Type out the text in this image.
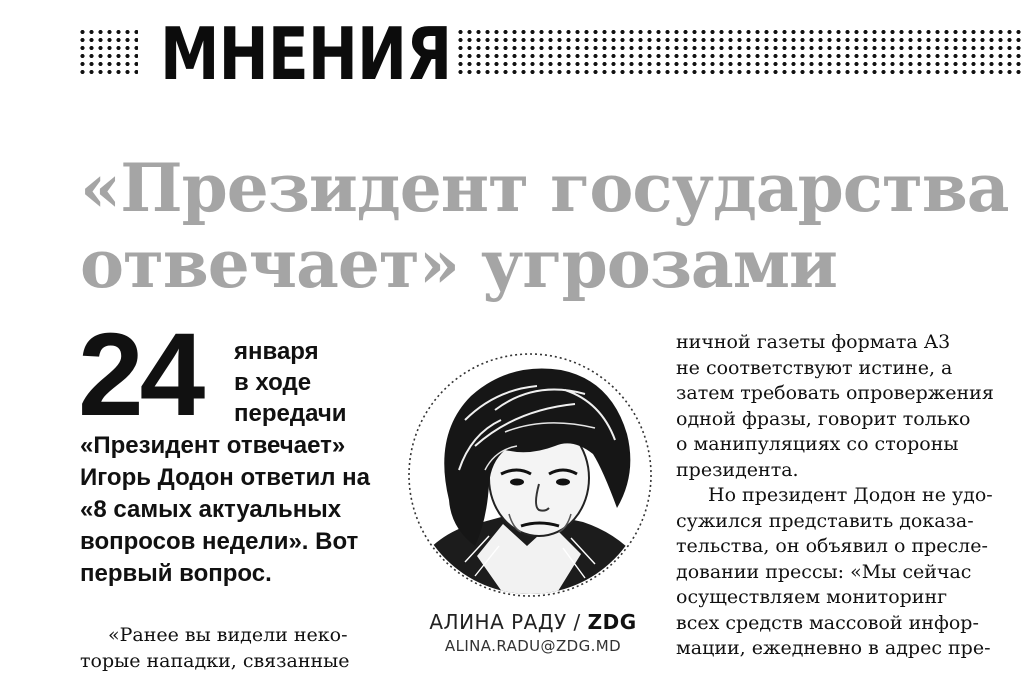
МНЕНИЯ
«Президент государства
отвечает» угрозами
24 января
в ходе
передачи
«Президент отвечает»
Игорь Додон ответил на
«8 самых актуальных
вопросов недели». Вот
первый вопрос.
«Ранее вы видели неко-
торые нападки, связанные
АЛИНА РАДУ / ZDG
ALINA.RADU@ZDG.MD
ничной газеты формата А3
не соответствуют истине, а
затем требовать опровержения
одной фразы, говорит только
о манипуляциях со стороны
президента.
Но президент Додон не удо-
сужился представить доказа-
тельства, он объявил о пресле-
довании прессы: «Мы сейчас
осуществляем мониторинг
всех средств массовой инфор-
мации, ежедневно в адрес пре-
